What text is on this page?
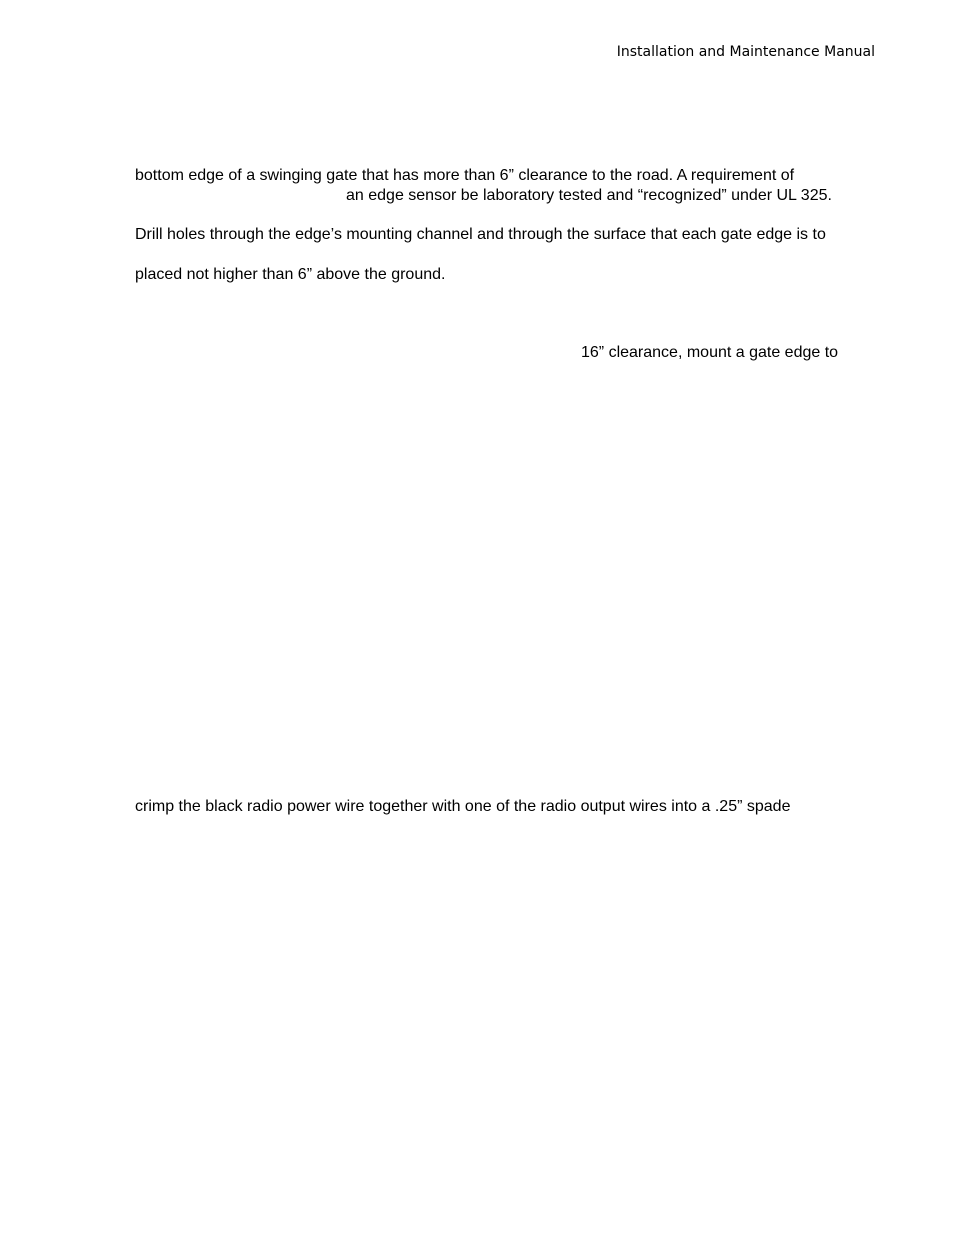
Installation and Maintenance Manual
bottom edge of a swinging gate that has more than 6” clearance to the road. A requirement of
an edge sensor be laboratory tested and “recognized” under UL 325.
Drill holes through the edge’s mounting channel and through the surface that each gate edge is to
placed not higher than 6” above the ground.
16” clearance, mount a gate edge to
crimp the black radio power wire together with one of the radio output wires into a .25” spade
